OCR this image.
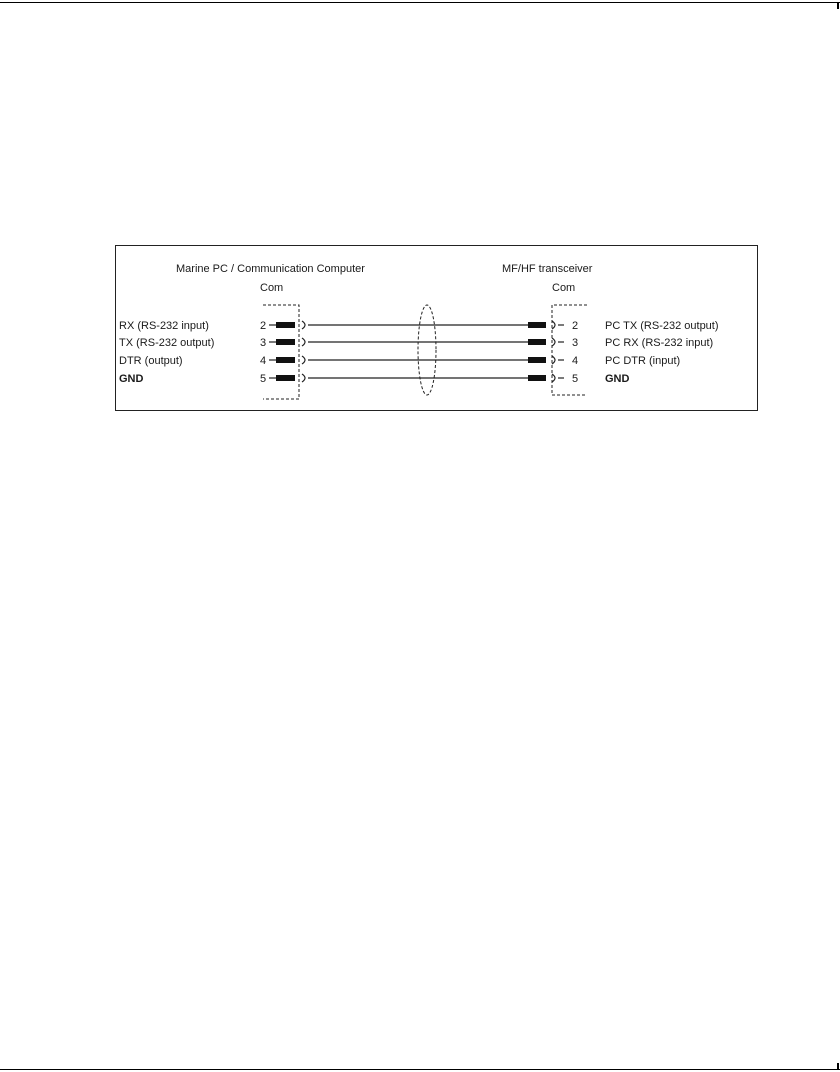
Marine PC / Communication Computer	MF/HF transceiver
Com	Com
RX (RS-232 input)
TX (RS-232 output)
DTR (output)
GND
2
3
4
5
2
3
4
5
PC TX (RS-232 output)
PC RX (RS-232 input)
PC DTR (input)
GND
